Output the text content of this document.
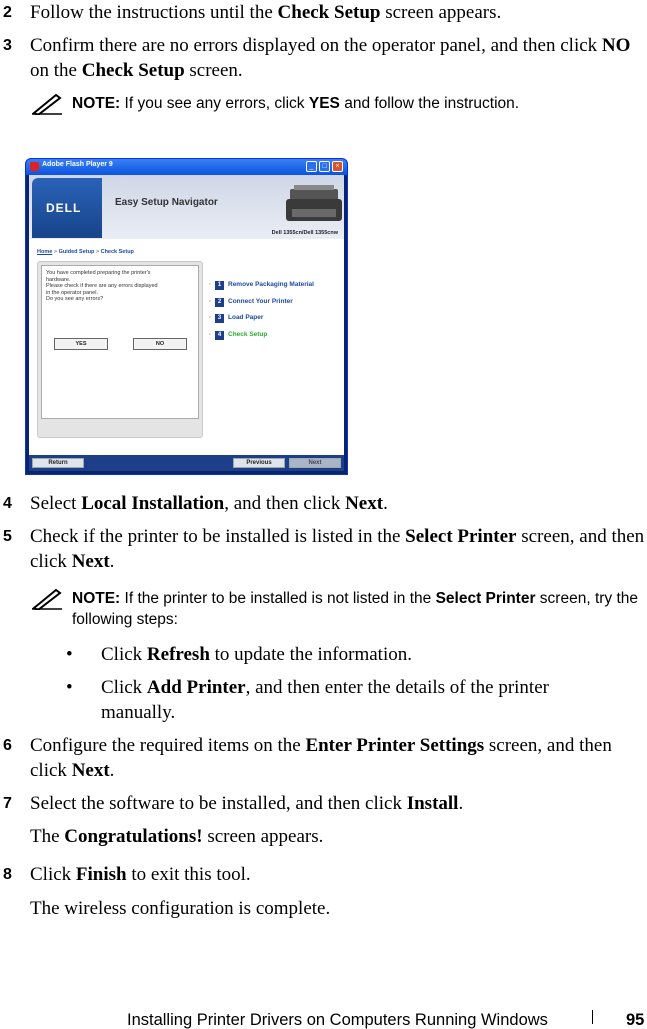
2 Follow the instructions until the Check Setup screen appears.
3 Confirm there are no errors displayed on the operator panel, and then click NO on the Check Setup screen.
NOTE: If you see any errors, click YES and follow the instruction.
Adobe Flash Player 9	_	□	×
DELL	Easy Setup Navigator
Dell 1355cn/Dell 1355cnw
Home > Guided Setup > Check Setup
You have completed preparing the printer's
hardware.
Please check if there are any errors displayed
in the operator panel.
Do you see any errors?
YES	NO
·	1	Remove Packaging Material
·	2	Connect Your Printer
·	3	Load Paper
·	4	Check Setup
Return	Previous	Next
4 Select Local Installation, and then click Next.
5 Check if the printer to be installed is listed in the Select Printer screen, and then click Next.
NOTE: If the printer to be installed is not listed in the Select Printer screen, try the following steps:
• Click Refresh to update the information.
• Click Add Printer, and then enter the details of the printer manually.
6 Configure the required items on the Enter Printer Settings screen, and then click Next.
7 Select the software to be installed, and then click Install.
The Congratulations! screen appears.
8 Click Finish to exit this tool.
The wireless configuration is complete.
Installing Printer Drivers on Computers Running Windows	95
